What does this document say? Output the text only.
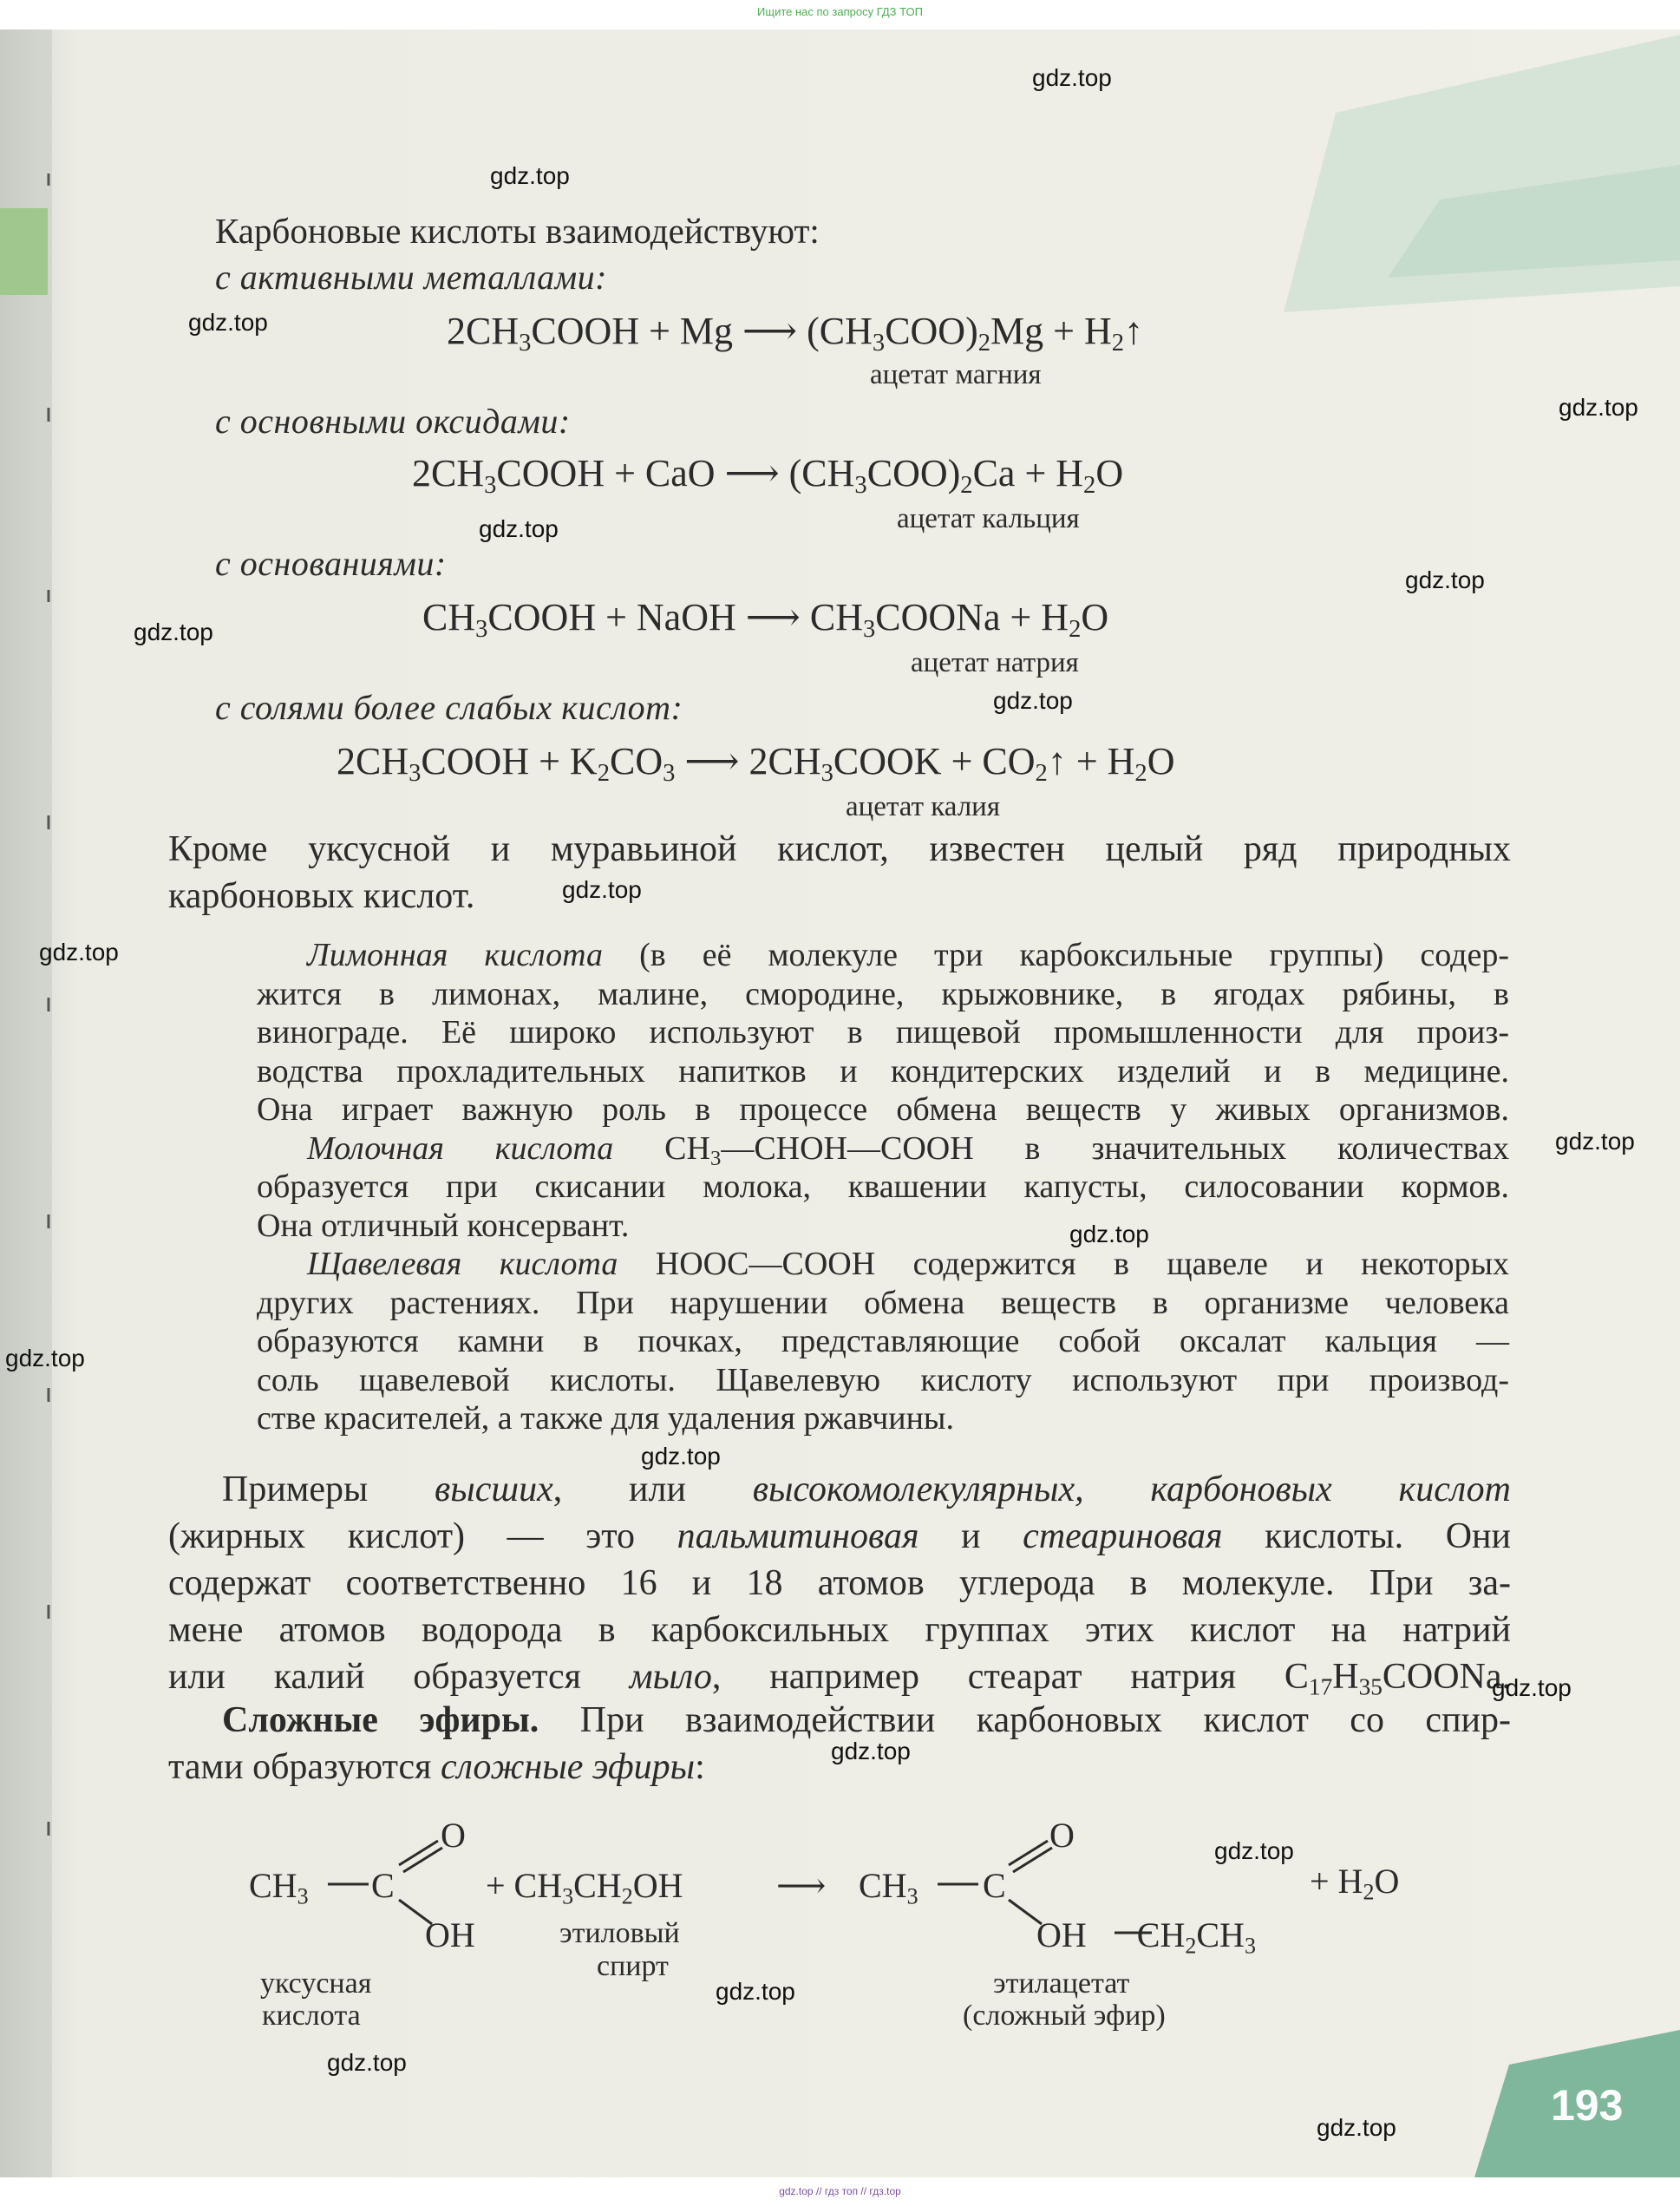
Ищите нас по запросу ГДЗ ТОП
Карбоновые кислоты взаимодействуют:
с активными металлами:
$2CH_3COOH + Mg$ ⟶ $(CH_3COO)_2Mg$ + $H_2↑$
ацетат магния
с основными оксидами:
$2CH_3COOH$ + CaO ⟶ $(CH_3COO)_2Ca + H_2O$
ацетат кальция
с основаниями:
$CH_3COOH$ + NaOH ⟶ $CH_3COONa + H_2O$
ацетат натрия
с солями более слабых кислот:
$2CH_3COOH + K_2CO_3$ ⟶ $2CH_3COOK$ + $CO_2↑ + H_2O$
ацетат калия
Кроме уксусной и муравьиной кислот, известен целый ряд природных
карбоновых кислот.
Лимонная кислота (в её молекуле три карбоксильные группы) содер-
жится в лимонах, малине, смородине, крыжовнике, в ягодах рябины, в
винограде. Её широко используют в пищевой промышленности для произ-
водства прохладительных напитков и кондитерских изделий и в медицине.
Она играет важную роль в процессе обмена веществ у живых организмов.
Молочная кислота $CH_3—CHOH—COOH$ в значительных количествах
образуется при скисании молока, квашении капусты, силосовании кормов.
Она отличный консервант.
Щавелевая кислота HOOC—COOH содержится в щавеле и некоторых
других растениях. При нарушении обмена веществ в организме человека
образуются камни в почках, представляющие собой оксалат кальция —
соль щавелевой кислоты. Щавелевую кислоту используют при производ-
стве красителей, а также для удаления ржавчины.
Примеры высших, или высокомолекулярных, карбоновых кислот
(жирных кислот) — это пальмитиновая и стеариновая кислоты. Они
содержат соответственно 16 и 18 атомов углерода в молекуле. При за-
мене атомов водорода в карбоксильных группах этих кислот на натрий
или калий образуется мыло, например стеарат натрия $C_{17}H_{35}COONa$.
Сложные эфиры. При взаимодействии карбоновых кислот со спир-
тами образуются сложные эфиры:
$CH_3$ C
O
OH
+ $CH_3CH_2OH$	⟶ $CH_3$ C
O
OH $CH_2CH_3$
+ $H_2O$
уксусная
кислота
этиловый
спирт
этилацетат
(сложный эфир)
193
gdz.top
gdz.top
gdz.top
gdz.top
gdz.top
gdz.top
gdz.top
gdz.top
gdz.top
gdz.top
gdz.top
gdz.top
gdz.top
gdz.top
gdz.top
gdz.top
gdz.top
gdz.top
gdz.top
gdz.top
gdz.top // гдз топ // гдз.top
